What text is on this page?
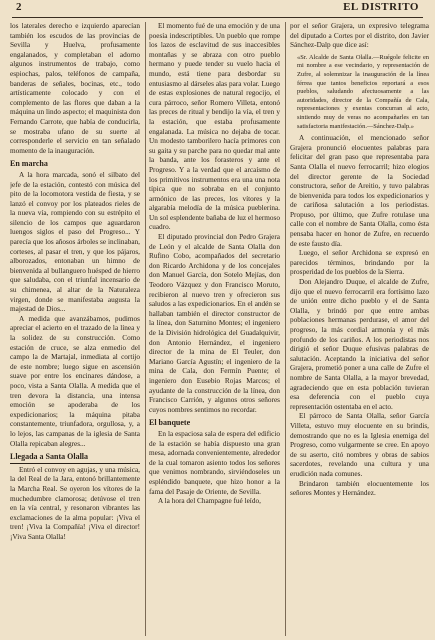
2	EL DISTRITO

los laterales derecho e izquierdo aparecían también los escudos de las provincias de Sevilla y Huelva, profusamente engalanados, y completaban el adorno algunos instrumentos de trabajo, como espiochas, palos, teléfonos de campaña, banderas de señales, bocinas, etc., todo artísticamente colocado y con el complemento de las flores que daban a la máquina un lindo aspecto; el maquinista don Fernando Carrote, que había de conducirla, se mostraba ufano de su suerte al corresponderle el servicio en tan señalado momento de la inauguración.

En marcha

A la hora marcada, sonó el silbato del jefe de la estación, contestó con música del pito de la locomotora vestida de fiesta, y se lanzó el convoy por los plateados rieles de la nueva vía, rompiendo con su estrépito el silencio de los campos que aguardaron luengos siglos el paso del Progreso... Y parecía que los añosos árboles se inclinaban, corteses, al pasar el tren, y que los pájaros, alborozados, entonaban un himno de bienvenida al bullanguero huésped de hierro que saludaba, con el triunfal incensario de su chimenea, al altar de la Naturaleza virgen, donde se manifestaba augusta la majestad de Dios...

A medida que avanzábamos, pudimos apreciar el acierto en el trazado de la línea y la solidez de su construcción. Como estación de cruce, se alza enmedio del campo la de Martajal, inmediata al cortijo de este nombre; luego sigue en ascensión suave por entre los encinares dándose, a poco, vista a Santa Olalla. A medida que el tren devora la distancia, una intensa emoción se apoderaba de los expedicionarios; la máquina pitaba constantemente, triunfadora, orgullosa, y, a lo lejos, las campanas de la iglesia de Santa Olalla repicaban alegres...

Llegada a Santa Olalla

Entró el convoy en agujas, y una música, la del Real de la Jara, entonó brillantemente la Marcha Real. Se oyeron los vítores de la muchedumbre clamorosa; detúvose el tren en la vía central, y resonaron vibrantes las exclamaciones de la alma popular: ¡Viva el tren! ¡Viva la Compañía! ¡Viva el director! ¡Viva Santa Olalla!

El momento fué de una emoción y de una poesía indescriptibles. Un pueblo que rompe los lazos de esclavitud de sus inaccesibles montañas y se abraza con otro pueblo hermano y puede tender su vuelo hacia el mundo, está tiene para desbordar su entusiasmo al dárseles alas para volar. Luego de estas explosiones de natural regocijo, el cura párroco, señor Romero Villeta, entonó las preces de ritual y bendijo la vía, el tren y la estación, que estaba profusamente engalanada. La música no dejaba de tocar. Un modesto tamborilero hacía primores con su gaita y su parche para no quedar mal ante la banda, ante los forasteros y ante el Progreso. Y a la verdad que el arcaísmo de los primitivos instrumentos era una una nota típica que no sobraba en el conjunto armónico de las preces, los vítores y la algarabía melodía de la música pueblerina. Un sol esplendente bañaba de luz el hermoso cuadro.

El diputado provincial don Pedro Grajera de León y el alcalde de Santa Olalla don Rufino Cobo, acompañados del secretario don Ricardo Archidona y de los concejales don Manuel García, don Sotelo Mejías, don Teodoro Vázquez y don Francisco Moruto, recibieron al nuevo tren y ofrecieron sus saludos a las expedicionarios. En el andén se hallaban también el director constructor de la línea, don Saturnino Montes; el ingeniero de la División hidrológica del Guadalquivir, don Antonio Hernández, el ingeniero director de la mina de El Teuler, don Mariano García Agustín; el ingeniero de la mina de Cala, don Fermín Puente; el ingeniero don Eusebio Rojas Marcos; el ayudante de la construcción de la línea, don Francisco Carrión, y algunos otros señores cuyos nombres sentimos no recordar.

El banquete

En la espaciosa sala de espera del edificio de la estación se había dispuesto una gran mesa, adornada convenientemente, alrededor de la cual tomaron asiento todos los señores que venimos nombrando, sirviéndoseles un espléndido banquete, que hizo honor a la fama del Pasaje de Oriente, de Sevilla.

A la hora del Champagne fué leído,

por el señor Grajera, un expresivo telegrama del diputado a Cortes por el distrito, don Javier Sánchez-Dalp que dice así:

«Sr. Alcalde de Santa Olalla.—Ruégole felicite en mi nombre a ese vecindario, y representación de Zufre, al solemnizar la inauguración de la línea férrea que tantos beneficios reportará a esos pueblos, saludando afectuosamente a las autoridades, director de la Compañía de Cala, representaciones y exentas concurran al acto, sintiendo muy de veras no acompañarles en tan satisfactoria manifestación.—Sánchez-Dalp.»

A continuación, el mencionado señor Grajera pronunció elocuentes palabras para felicitar del gran paso que representaba para Santa Olalla el nuevo ferrocarril; hizo elogios del director gerente de la Sociedad constructora, señor de Areitio, y tuvo palabras de bienvenida para todos los expedicionarios y de cariñosa salutación a los periodistas. Propuso, por último, que Zufre rotulase una calle con el nombre de Santa Olalla, como ésta pensaba hacer en honor de Zufre, en recuerdo de este fausto día.

Luego, el señor Archidona se expresó en parecidos términos, brindando por la prosperidad de los pueblos de la Sierra.

Don Alejandro Duque, el alcalde de Zufre, dijo que el nuevo ferrocarril era fortísimo lazo de unión entre dicho pueblo y el de Santa Olalla, y brindó por que entre ambas poblaciones hermanas perdurase, el amor del progreso, la más cordial armonía y el más profundo de los cariños. A los periodistas nos dirigió el señor Duque efusivas palabras de salutación. Aceptando la iniciativa del señor Grajera, prometió poner a una calle de Zufre el nombre de Santa Olalla, a la mayor brevedad, agradeciendo que en esta población tuvieran esa deferencia con el pueblo cuya representación ostentaba en el acto.

El párroco de Santa Olalla, señor García Villeta, estuvo muy elocuente en su brindis, demostrando que no es la Iglesia enemiga del Progreso, como vulgarmente se cree. En apoyo de su aserto, citó nombres y obras de sabios sacerdotes, revelando una cultura y una erudición nada comunes.

Brindaron también elocuentemente los señores Montes y Hernández.
